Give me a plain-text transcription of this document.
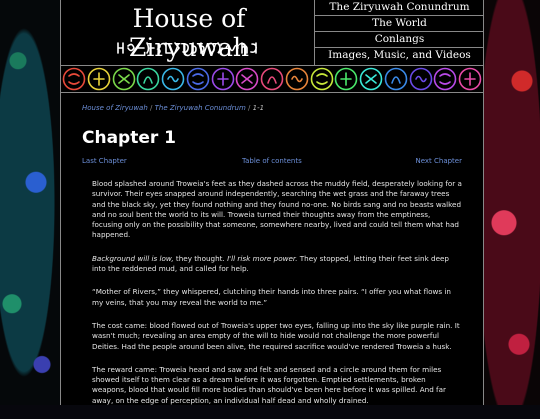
House of Ziryuwah
The Ziryuwah Conundrum
The World
Conlangs
Images, Music, and Videos
House of Ziryuwah / The Ziryuwah Conundrum / 1-1
Chapter 1
Last Chapter	Table of contents	Next Chapter

Blood splashed around Troweia's feet as they dashed across the muddy field, desperately looking for a survivor. Their eyes snapped around independently, searching the wet grass and the faraway trees and the black sky, yet they found nothing and they found no-one. No birds sang and no beasts walked and no soul bent the world to its will. Troweia turned their thoughts away from the emptiness, focusing only on the possibility that someone, somewhere nearby, lived and could tell them what had happened.

Background will is low, they thought. I'll risk more power. They stopped, letting their feet sink deep into the reddened mud, and called for help.

“Mother of Rivers,” they whispered, clutching their hands into three pairs. “I offer you what flows in my veins, that you may reveal the world to me.”

The cost came: blood flowed out of Troweia's upper two eyes, falling up into the sky like purple rain. It wasn't much; revealing an area empty of the will to hide would not challenge the more powerful Deities. Had the people around been alive, the required sacrifice would've rendered Troweia a husk.

The reward came: Troweia heard and saw and felt and sensed and a circle around them for miles showed itself to them clear as a dream before it was forgotten. Emptied settlements, broken weapons, blood that would fill more bodies than should've been here before it was spilled. And far away, on the edge of perception, an individual half dead and wholly drained.
